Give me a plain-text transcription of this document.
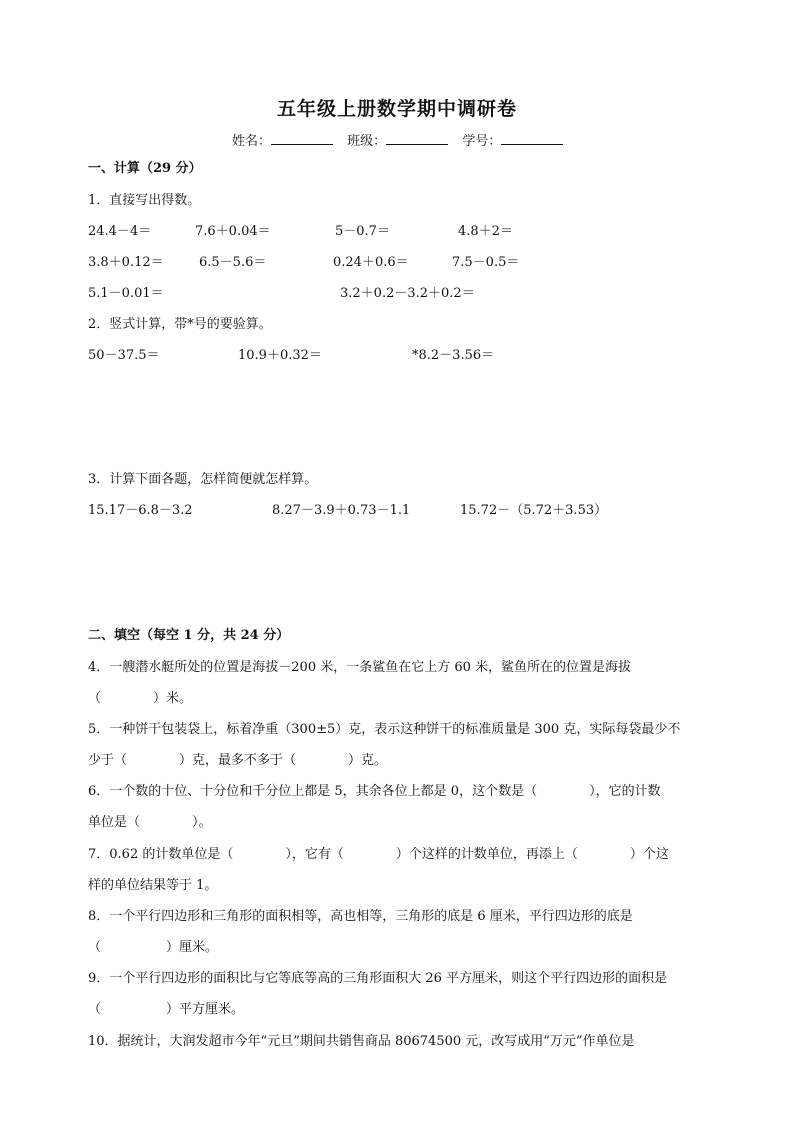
五年级上册数学期中调研卷
姓名：	班级：	学号：
一、计算（29 分）
1．直接写出得数。
24.4－4＝	7.6＋0.04＝	5－0.7＝	4.8＋2＝
3.8＋0.12＝	6.5－5.6＝	0.24＋0.6＝	7.5－0.5＝
5.1－0.01＝	3.2＋0.2－3.2＋0.2＝
2．竖式计算，带*号的要验算。
50－37.5＝	10.9＋0.32＝	*8.2－3.56＝
3．计算下面各题，怎样简便就怎样算。
15.17－6.8－3.2	8.27－3.9＋0.73－1.1	15.72－（5.72＋3.53）
二、填空（每空 1 分，共 24 分）
4．一艘潜水艇所处的位置是海拔－200 米，一条鲨鱼在它上方 60 米，鲨鱼所在的位置是海拔
（　　　　）米。
5．一种饼干包装袋上，标着净重（300±5）克，表示这种饼干的标准质量是 300 克，实际每袋最少不
少于（　　　　）克，最多不多于（　　　　）克。
6．一个数的十位、十分位和千分位上都是 5，其余各位上都是 0，这个数是（　　　　），它的计数
单位是（　　　　）。
7．0.62 的计数单位是（　　　　），它有（　　　　）个这样的计数单位，再添上（　　　　）个这
样的单位结果等于 1。
8．一个平行四边形和三角形的面积相等，高也相等，三角形的底是 6 厘米，平行四边形的底是
（　　　　　）厘米。
9．一个平行四边形的面积比与它等底等高的三角形面积大 26 平方厘米，则这个平行四边形的面积是
（　　　　　）平方厘米。
10．据统计，大润发超市今年“元旦”期间共销售商品 80674500 元，改写成用“万元”作单位是
